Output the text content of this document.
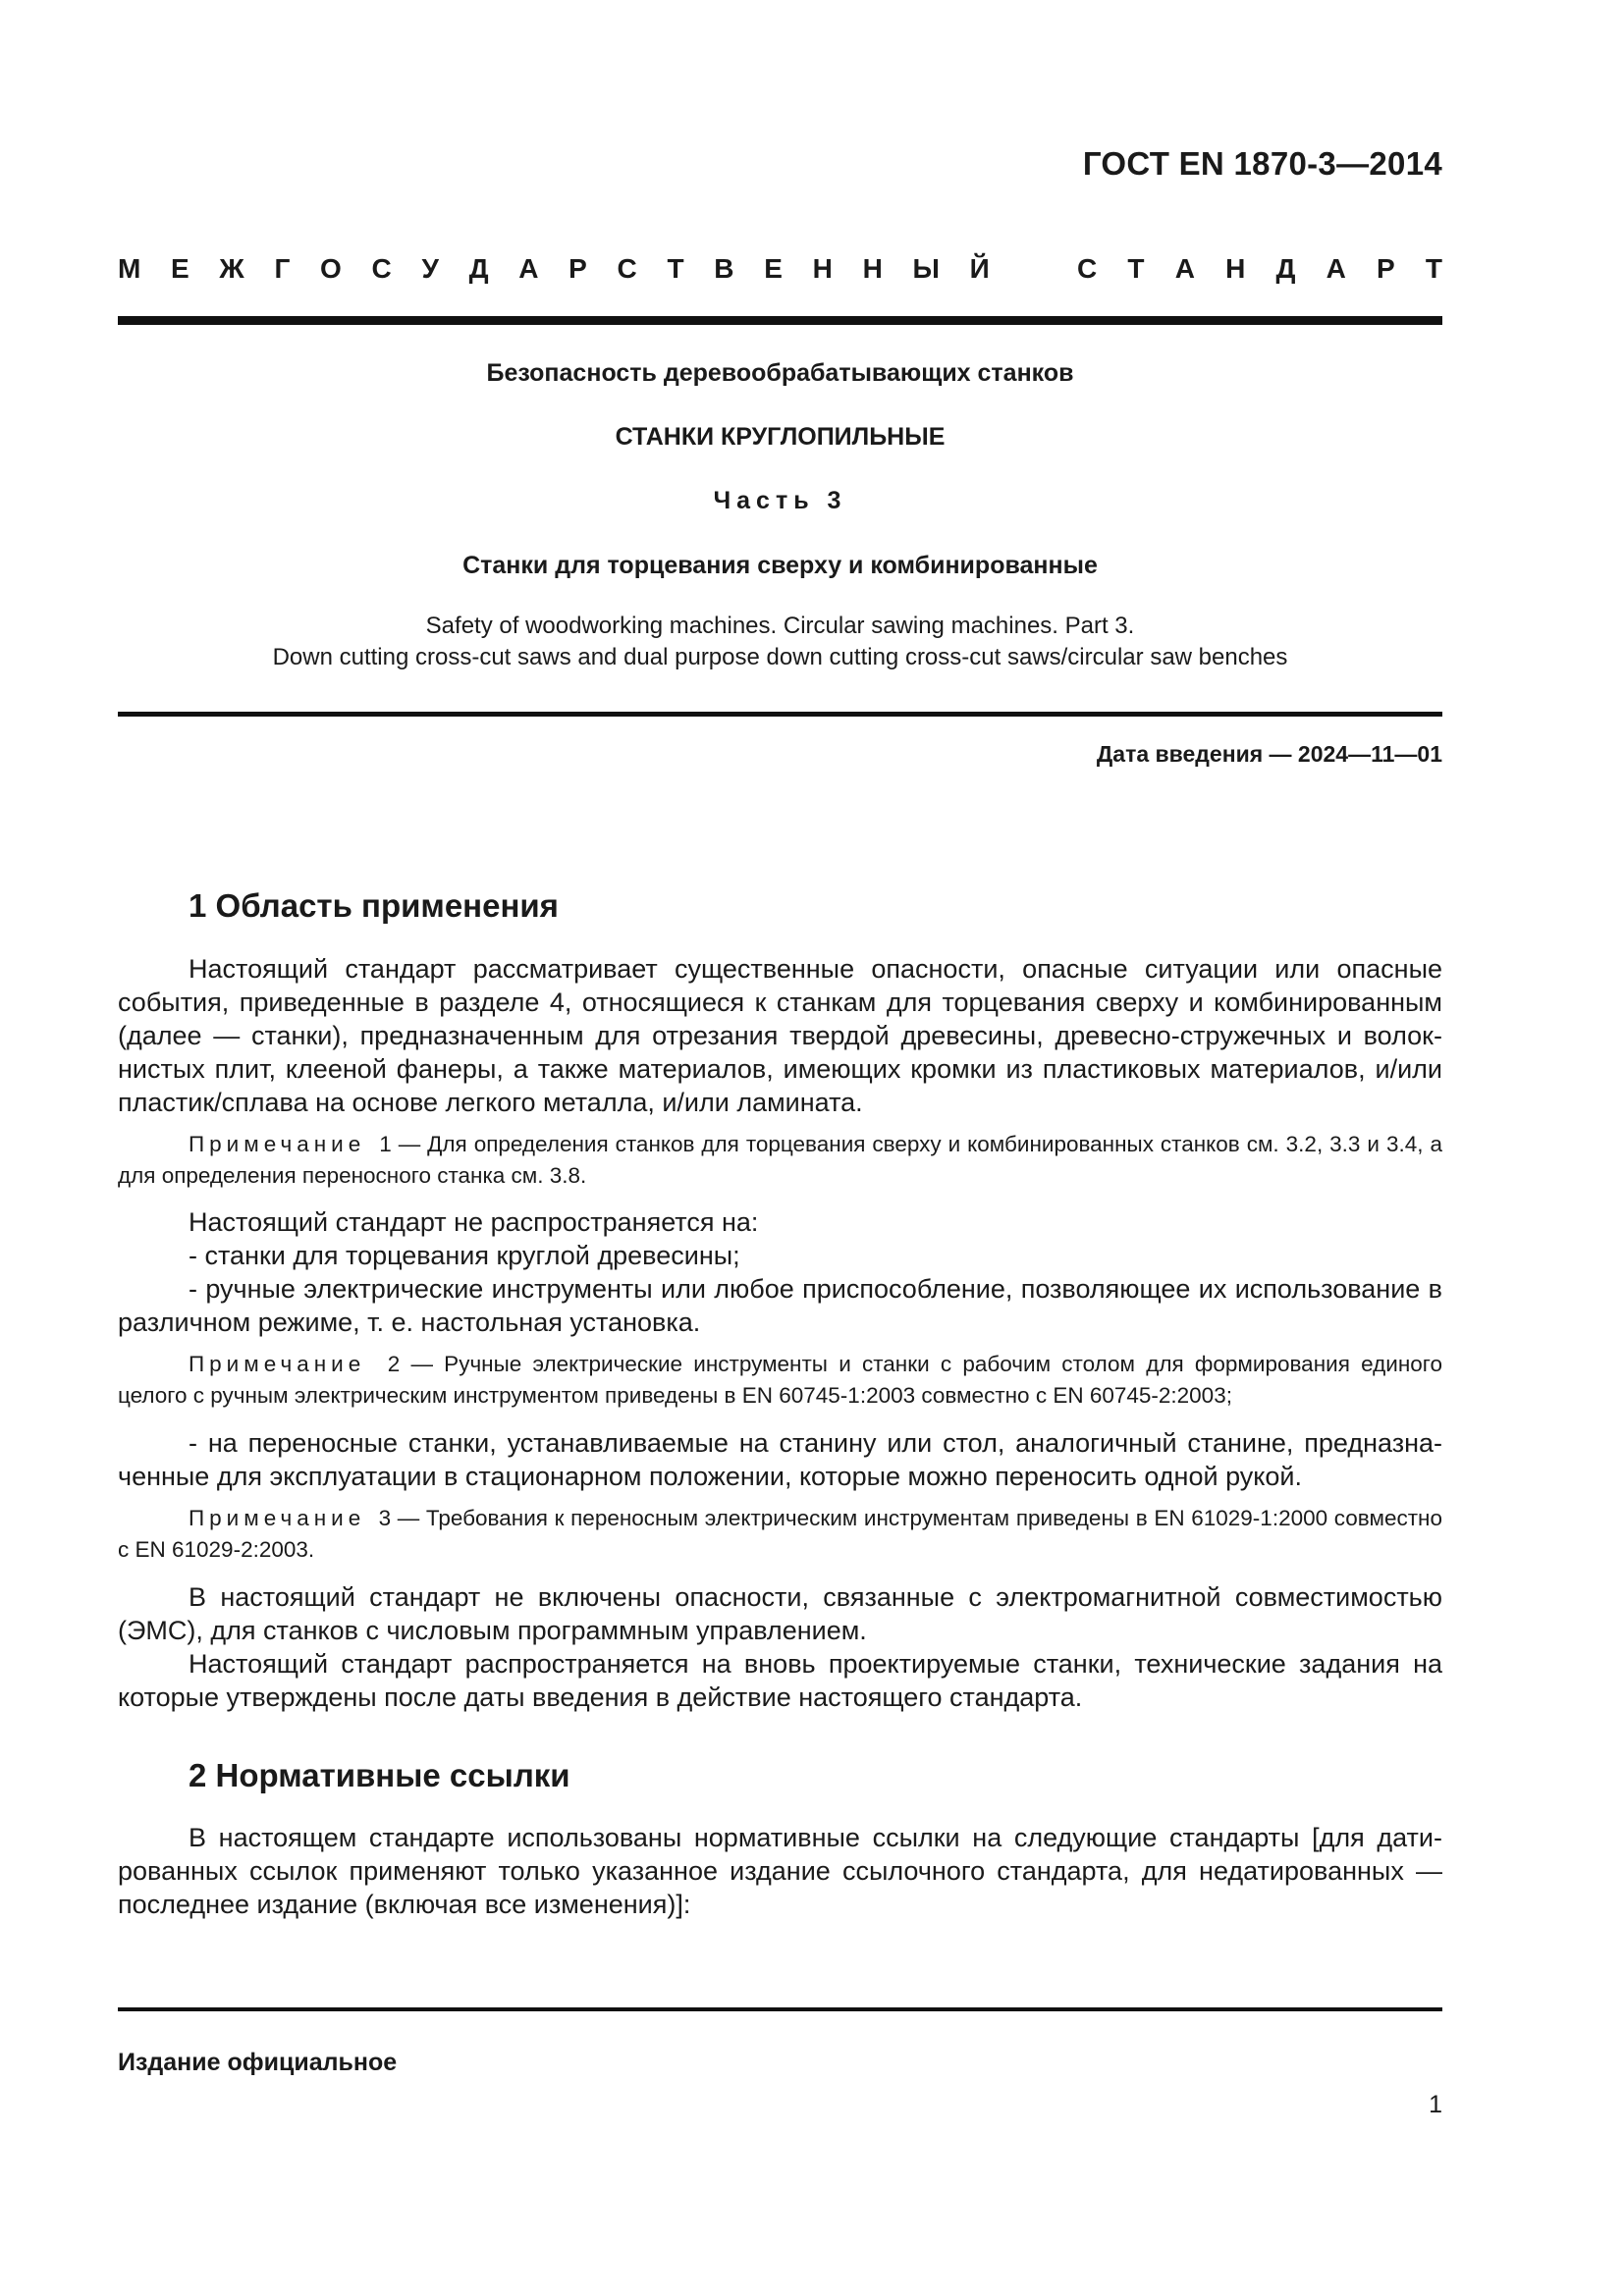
ГОСТ EN 1870-3—2014
М Е Ж Г О С У Д А Р С Т В Е Н Н Ы Й	С Т А Н Д А Р Т
Безопасность деревообрабатывающих станков
СТАНКИ КРУГЛОПИЛЬНЫЕ
Часть 3
Станки для торцевания сверху и комбинированные
Safety of woodworking machines. Circular sawing machines. Part 3.
Down cutting cross-cut saws and dual purpose down cutting cross-cut saws/circular saw benches
Дата введения — 2024—11—01
1 Область применения
Настоящий стандарт рассматривает существенные опасности, опасные ситуации или опасные события, приведенные в разделе 4, относящиеся к станкам для торцевания сверху и комбинированным (далее — станки), предназначенным для отрезания твердой древесины, древесно-стружечных и волокнистых плит, клееной фанеры, а также материалов, имеющих кромки из пластиковых материалов, и/или пластик/сплава на основе легкого металла, и/или ламината.
Примечание 1 — Для определения станков для торцевания сверху и комбинированных станков см. 3.2, 3.3 и 3.4, а для определения переносного станка см. 3.8.
Настоящий стандарт не распространяется на:
- станки для торцевания круглой древесины;
- ручные электрические инструменты или любое приспособление, позволяющее их использование в различном режиме, т. е. настольная установка.
Примечание 2 — Ручные электрические инструменты и станки с рабочим столом для формирования единого целого с ручным электрическим инструментом приведены в EN 60745-1:2003 совместно с EN 60745-2:2003;
- на переносные станки, устанавливаемые на станину или стол, аналогичный станине, предназначенные для эксплуатации в стационарном положении, которые можно переносить одной рукой.
Примечание 3 — Требования к переносным электрическим инструментам приведены в EN 61029-1:2000 совместно с EN 61029-2:2003.
В настоящий стандарт не включены опасности, связанные с электромагнитной совместимостью (ЭМС), для станков с числовым программным управлением.
Настоящий стандарт распространяется на вновь проектируемые станки, технические задания на которые утверждены после даты введения в действие настоящего стандарта.
2 Нормативные ссылки
В настоящем стандарте использованы нормативные ссылки на следующие стандарты [для датированных ссылок применяют только указанное издание ссылочного стандарта, для недатированных — последнее издание (включая все изменения)]:
Издание официальное
1
